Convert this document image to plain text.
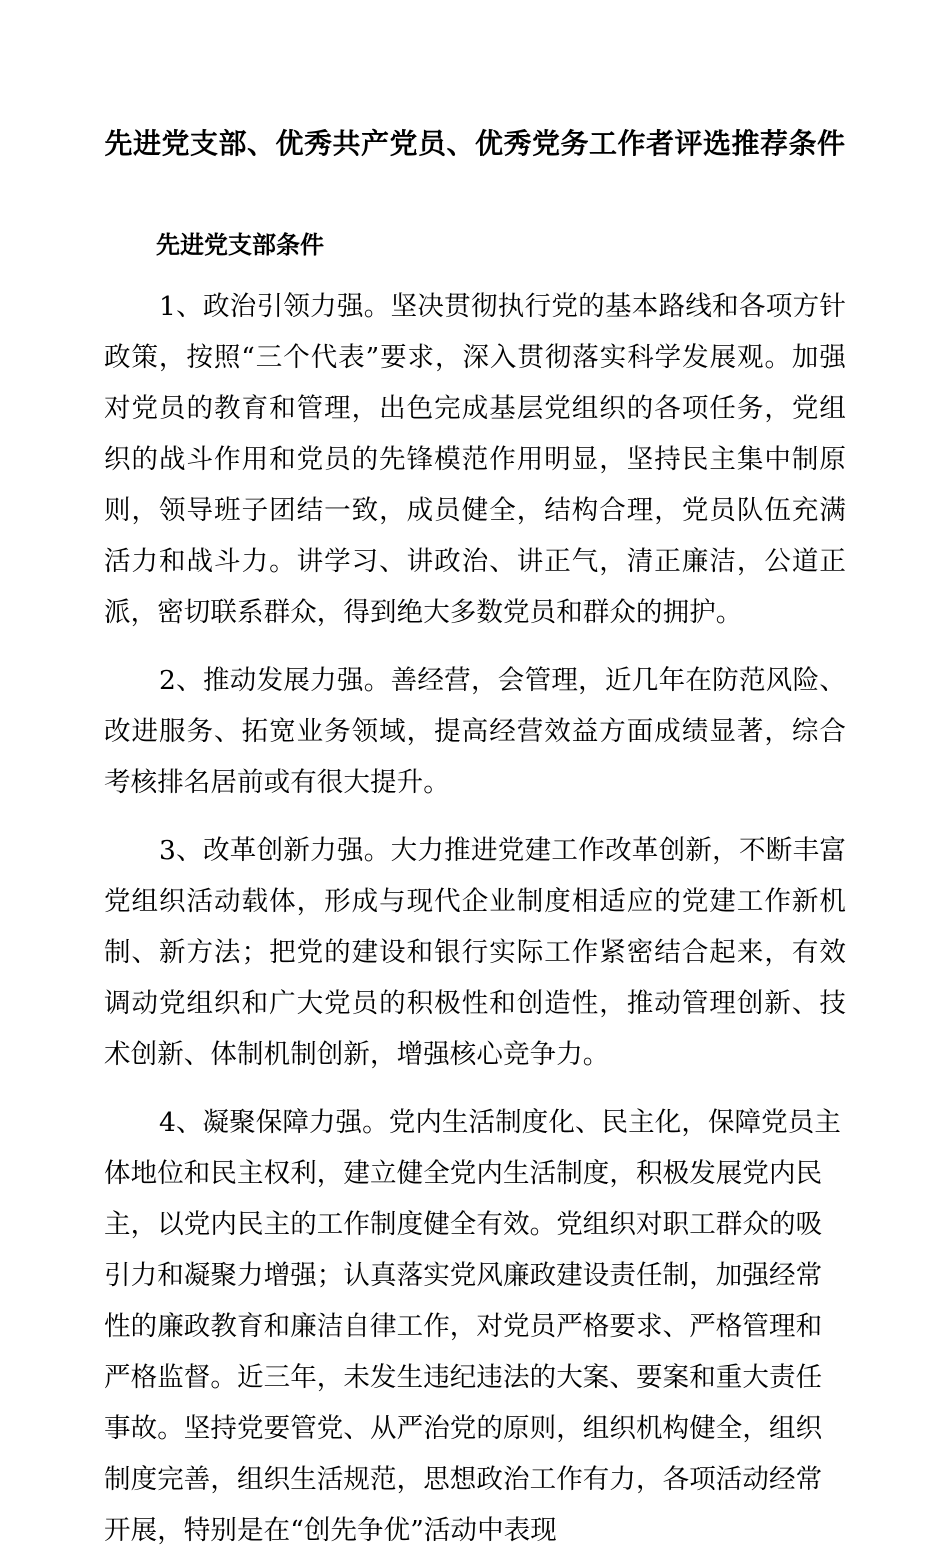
先进党支部、优秀共产党员、优秀党务工作者评选推荐条件
先进党支部条件

1、政治引领力强。坚决贯彻执行党的基本路线和各项方针政策，按照“三个代表”要求，深入贯彻落实科学发展观。加强对党员的教育和管理，出色完成基层党组织的各项任务，党组织的战斗作用和党员的先锋模范作用明显，坚持民主集中制原则，领导班子团结一致，成员健全，结构合理，党员队伍充满活力和战斗力。讲学习、讲政治、讲正气，清正廉洁，公道正派，密切联系群众，得到绝大多数党员和群众的拥护。

2、推动发展力强。善经营，会管理，近几年在防范风险、改进服务、拓宽业务领域，提高经营效益方面成绩显著，综合考核排名居前或有很大提升。

3、改革创新力强。大力推进党建工作改革创新，不断丰富党组织活动载体，形成与现代企业制度相适应的党建工作新机制、新方法；把党的建设和银行实际工作紧密结合起来，有效调动党组织和广大党员的积极性和创造性，推动管理创新、技术创新、体制机制创新，增强核心竞争力。

4、凝聚保障力强。党内生活制度化、民主化，保障党员主体地位和民主权利，建立健全党内生活制度，积极发展党内民主，以党内民主的工作制度健全有效。党组织对职工群众的吸引力和凝聚力增强；认真落实党风廉政建设责任制，加强经常性的廉政教育和廉洁自律工作，对党员严格要求、严格管理和严格监督。近三年，未发生违纪违法的大案、要案和重大责任事故。坚持党要管党、从严治党的原则，组织机构健全，组织制度完善，组织生活规范，思想政治工作有力，各项活动经常开展，特别是在“创先争优”活动中表现
